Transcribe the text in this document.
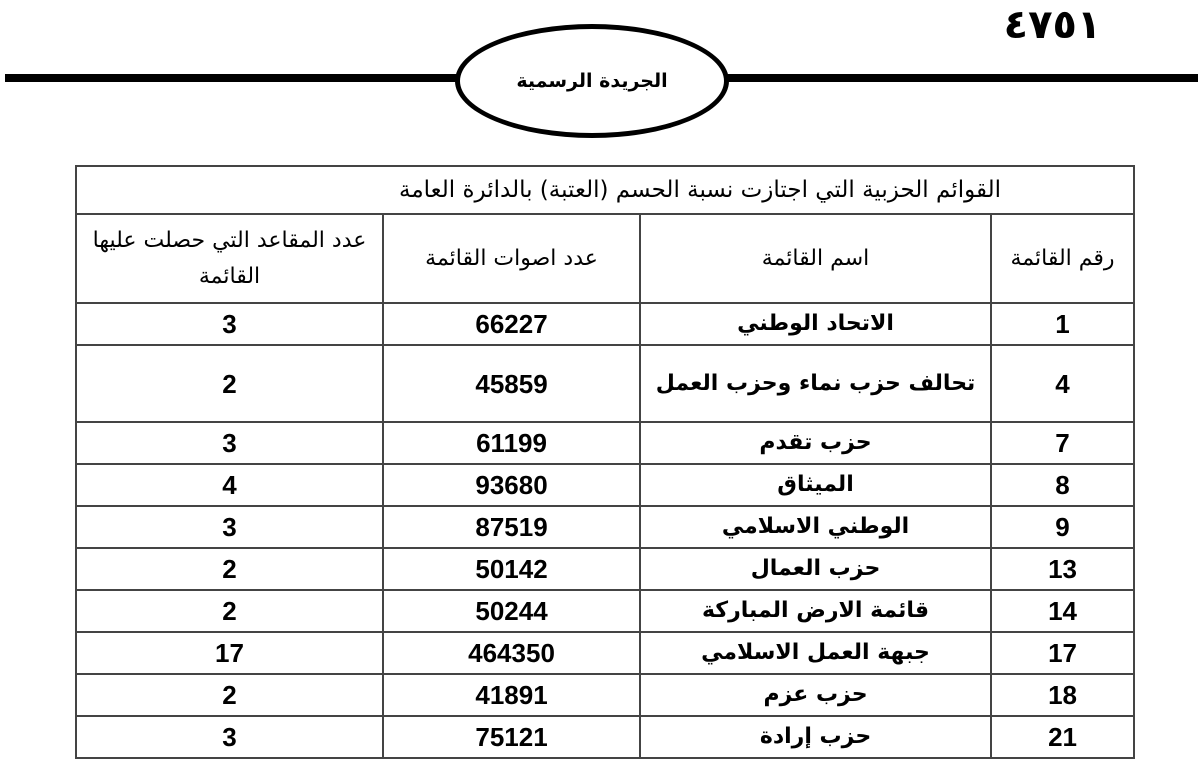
٤٧٥١
الجريدة الرسمية
القوائم الحزبية التي اجتازت نسبة الحسم (العتبة) بالدائرة العامة			
رقم القائمة	اسم القائمة	عدد اصوات القائمة	عدد المقاعد التي حصلت عليها القائمة
1	الاتحاد الوطني	66227	3
4	تحالف حزب نماء وحزب العمل	45859	2
7	حزب تقدم	61199	3
8	الميثاق	93680	4
9	الوطني الاسلامي	87519	3
13	حزب العمال	50142	2
14	قائمة الارض المباركة	50244	2
17	جبهة العمل الاسلامي	464350	17
18	حزب عزم	41891	2
21	حزب إرادة	75121	3
